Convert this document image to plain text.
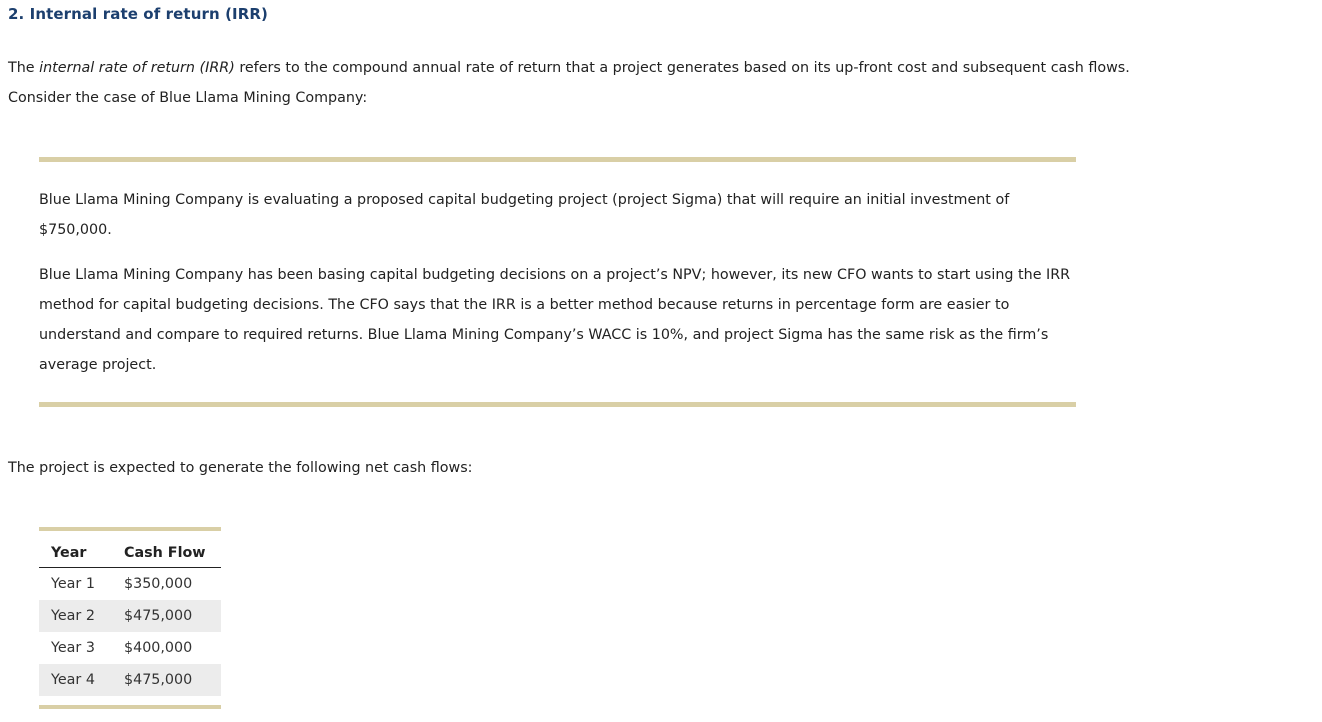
2. Internal rate of return (IRR)

The internal rate of return (IRR) refers to the compound annual rate of return that a project generates based on its up-front cost and subsequent cash flows. Consider the case of Blue Llama Mining Company:

Blue Llama Mining Company is evaluating a proposed capital budgeting project (project Sigma) that will require an initial investment of $750,000.

Blue Llama Mining Company has been basing capital budgeting decisions on a project’s NPV; however, its new CFO wants to start using the IRR method for capital budgeting decisions. The CFO says that the IRR is a better method because returns in percentage form are easier to understand and compare to required returns. Blue Llama Mining Company’s WACC is 10%, and project Sigma has the same risk as the firm’s average project.

The project is expected to generate the following net cash flows:

Year	Cash Flow
Year 1	$350,000
Year 2	$475,000
Year 3	$400,000
Year 4	$475,000
